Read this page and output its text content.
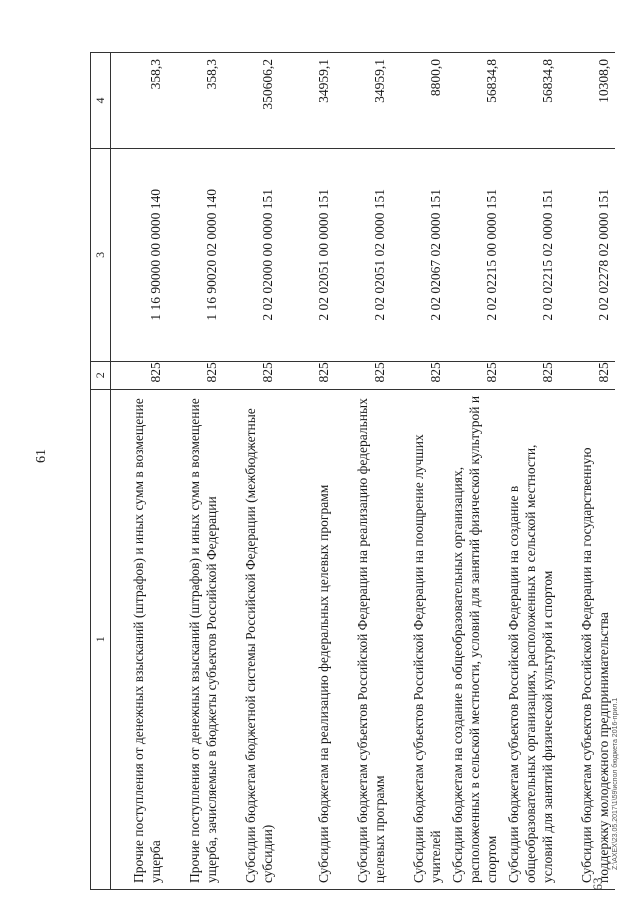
61
63
Z:\АХЕХ\23.05.2017\1\59\испол бюджета 2016-прил.1
1	2	3	4
Прочие поступления от денежных взысканий (штрафов) и иных сумм в возмещение ущерба	825	1 16 90000 00 0000 140	358,3
Прочие поступления от денежных взысканий (штрафов) и иных сумм в возмещение ущерба, зачисляемые в бюджеты субъектов Российской Федерации	825	1 16 90020 02 0000 140	358,3
Субсидии бюджетам бюджетной системы Российской Федерации (межбюджетные субсидии)	825	2 02 02000 00 0000 151	350606,2
Субсидии бюджетам на реализацию федеральных целевых программ	825	2 02 02051 00 0000 151	34959,1
Субсидии бюджетам субъектов Российской Федерации на реализацию федеральных целевых программ	825	2 02 02051 02 0000 151	34959,1
Субсидии бюджетам субъектов Российской Федерации на поощрение лучших учителей	825	2 02 02067 02 0000 151	8800,0
Субсидии бюджетам на создание в общеобразовательных организациях, расположенных в сельской местности, условий для занятий физической культурой и спортом	825	2 02 02215 00 0000 151	56834,8
Субсидии бюджетам субъектов Российской Федерации на создание в общеобразовательных организациях, расположенных в сельской местности, условий для занятий физической культурой и спортом	825	2 02 02215 02 0000 151	56834,8
Субсидии бюджетам субъектов Российской Федерации на государственную поддержку молодежного предпринимательства	825	2 02 02278 02 0000 151	10308,0
